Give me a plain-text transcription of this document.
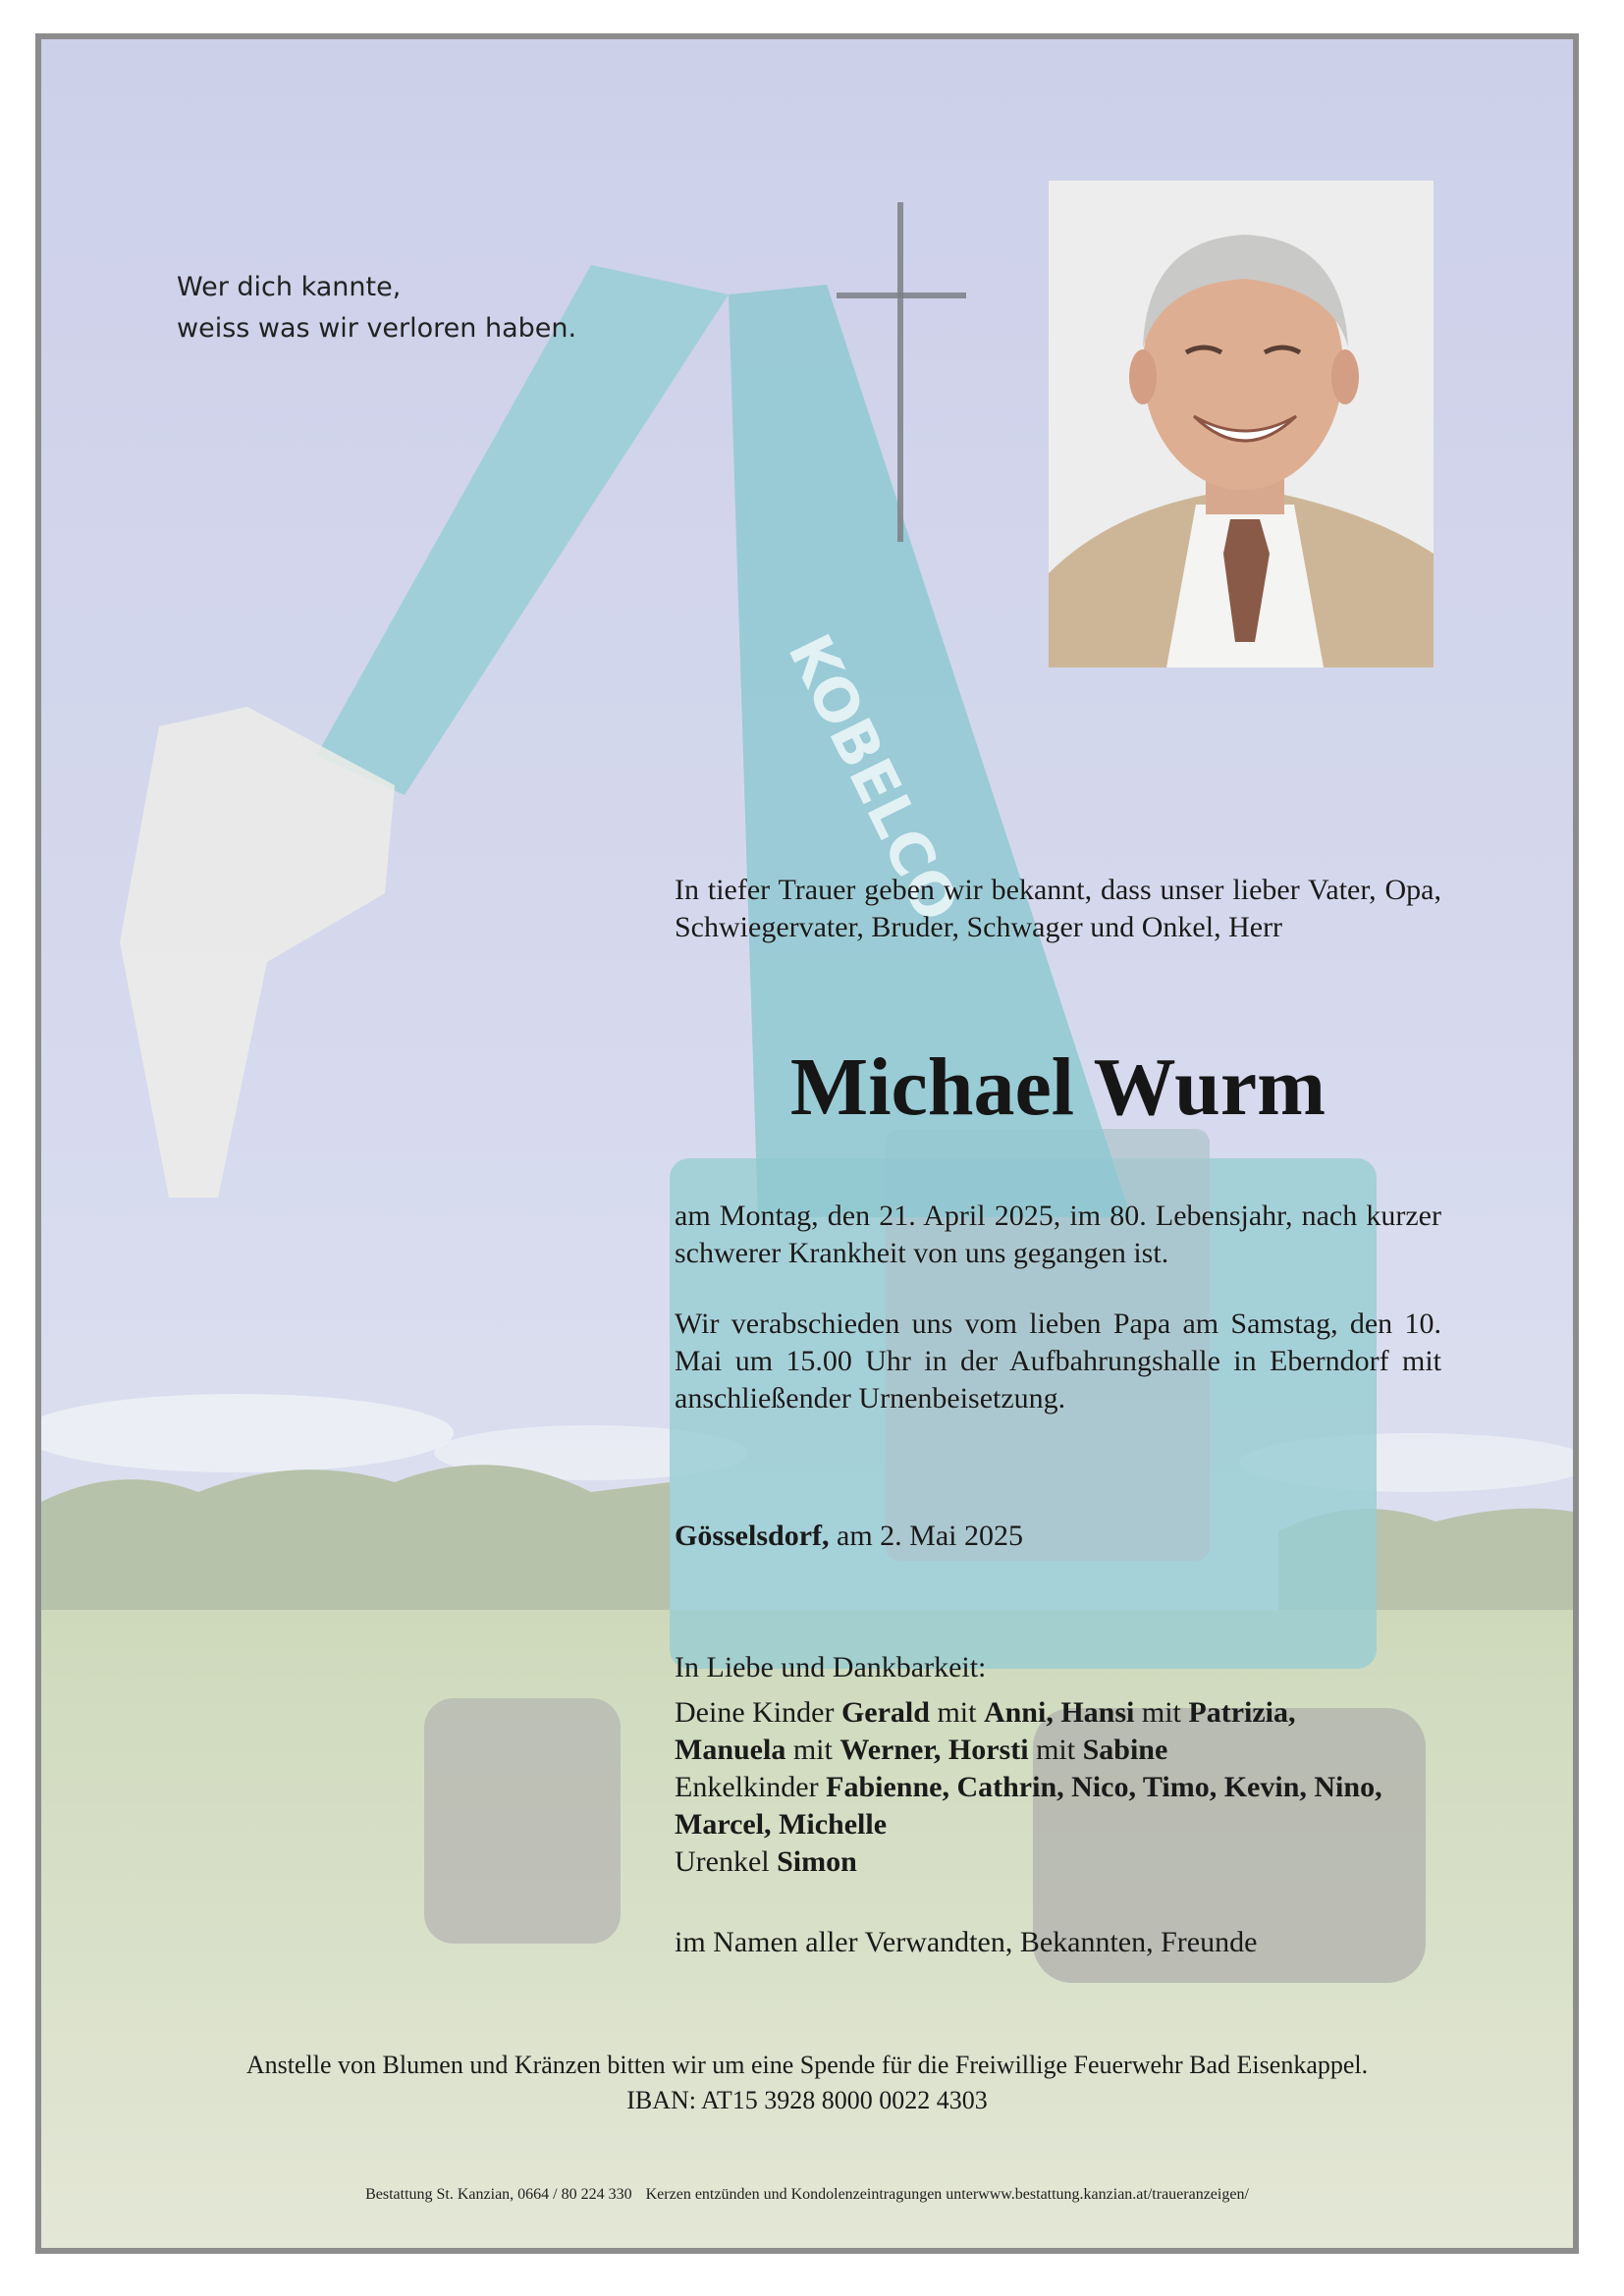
KOBELCO
Wer dich kannte,
weiss was wir verloren haben.
In tiefer Trauer geben wir bekannt, dass unser lieber Vater, Opa, Schwiegervater, Bruder, Schwager und Onkel, Herr
Michael Wurm
am Montag, den 21. April 2025, im 80. Lebensjahr, nach kurzer schwerer Krankheit von uns gegangen ist.
Wir verabschieden uns vom lieben Papa am Samstag, den 10. Mai um 15.00 Uhr in der Aufbahrungshalle in Eberndorf mit anschließender Urnenbeisetzung.
Gösselsdorf, am 2. Mai 2025
In Liebe und Dankbarkeit:
Deine Kinder Gerald mit Anni, Hansi mit Patrizia,
Manuela mit Werner, Horsti mit Sabine
Enkelkinder Fabienne, Cathrin, Nico, Timo, Kevin, Nino,
Marcel, Michelle
Urenkel Simon
im Namen aller Verwandten, Bekannten, Freunde
Anstelle von Blumen und Kränzen bitten wir um eine Spende für die Freiwillige Feuerwehr Bad Eisenkappel.
IBAN: AT15 3928 8000 0022 4303
Bestattung St. Kanzian, 0664 / 80 224 330 Kerzen entzünden und Kondolenzeintragungen unterwww.bestattung.kanzian.at/traueranzeigen/
